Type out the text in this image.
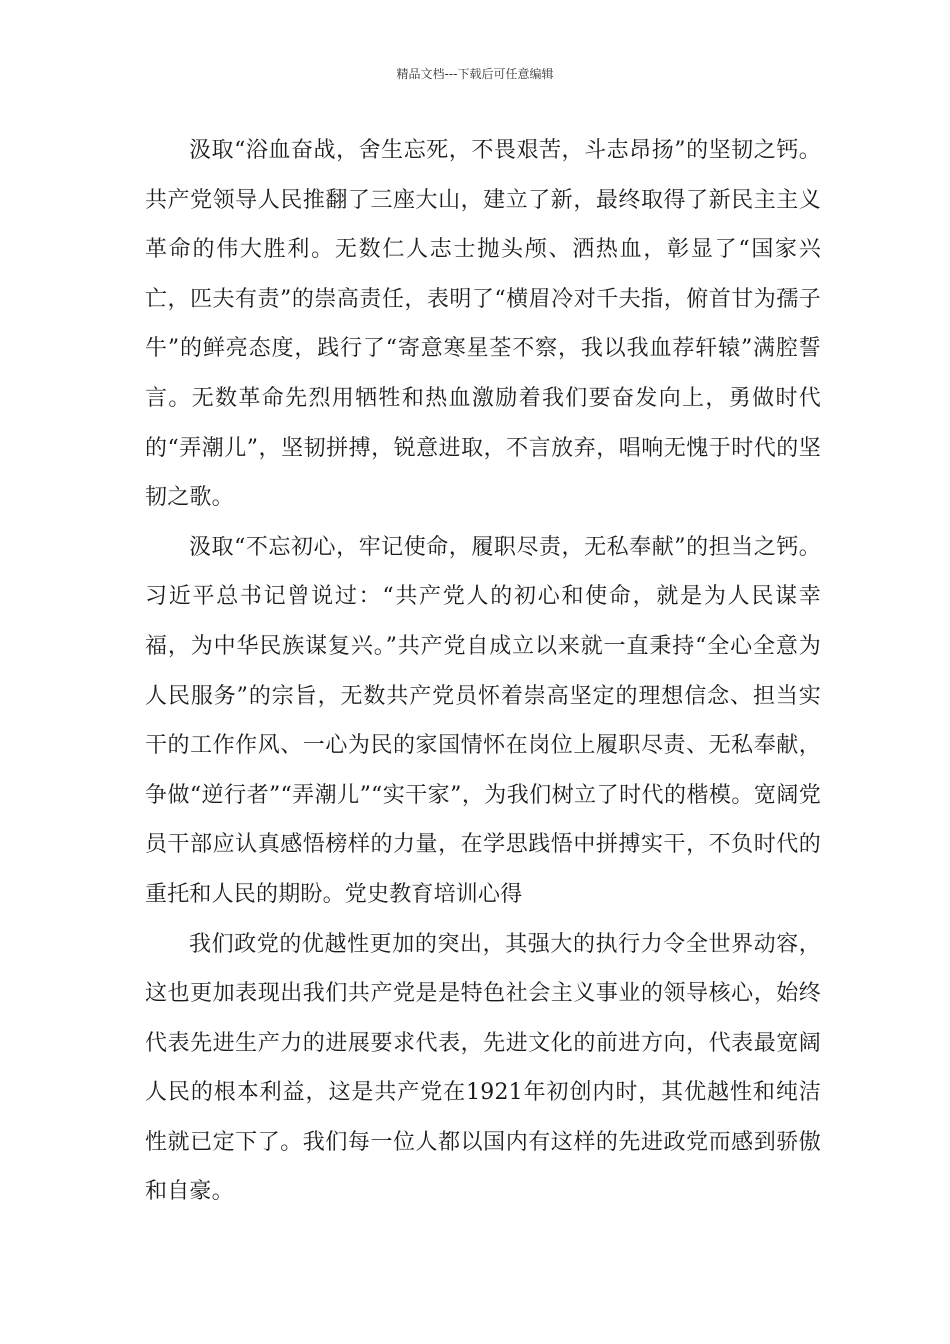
精品文档---下载后可任意编辑

汲取“浴血奋战，舍生忘死，不畏艰苦，斗志昂扬”的坚韧之钙。共产党领导人民推翻了三座大山，建立了新，最终取得了新民主主义革命的伟大胜利。无数仁人志士抛头颅、洒热血，彰显了“国家兴亡，匹夫有责”的崇高责任，表明了“横眉冷对千夫指，俯首甘为孺子牛”的鲜亮态度，践行了“寄意寒星荃不察，我以我血荐轩辕”满腔誓言。无数革命先烈用牺牲和热血激励着我们要奋发向上，勇做时代的“弄潮儿”，坚韧拼搏，锐意进取，不言放弃，唱响无愧于时代的坚韧之歌。

汲取“不忘初心，牢记使命，履职尽责，无私奉献”的担当之钙。习近平总书记曾说过：“共产党人的初心和使命，就是为人民谋幸福，为中华民族谋复兴。”共产党自成立以来就一直秉持“全心全意为人民服务”的宗旨，无数共产党员怀着崇高坚定的理想信念、担当实干的工作作风、一心为民的家国情怀在岗位上履职尽责、无私奉献，争做“逆行者”“弄潮儿”“实干家”，为我们树立了时代的楷模。宽阔党员干部应认真感悟榜样的力量，在学思践悟中拼搏实干，不负时代的重托和人民的期盼。党史教育培训心得

我们政党的优越性更加的突出，其强大的执行力令全世界动容，这也更加表现出我们共产党是是特色社会主义事业的领导核心，始终代表先进生产力的进展要求代表，先进文化的前进方向，代表最宽阔人民的根本利益，这是共产党在1921年初创内时，其优越性和纯洁性就已定下了。我们每一位人都以国内有这样的先进政党而感到骄傲和自豪。
